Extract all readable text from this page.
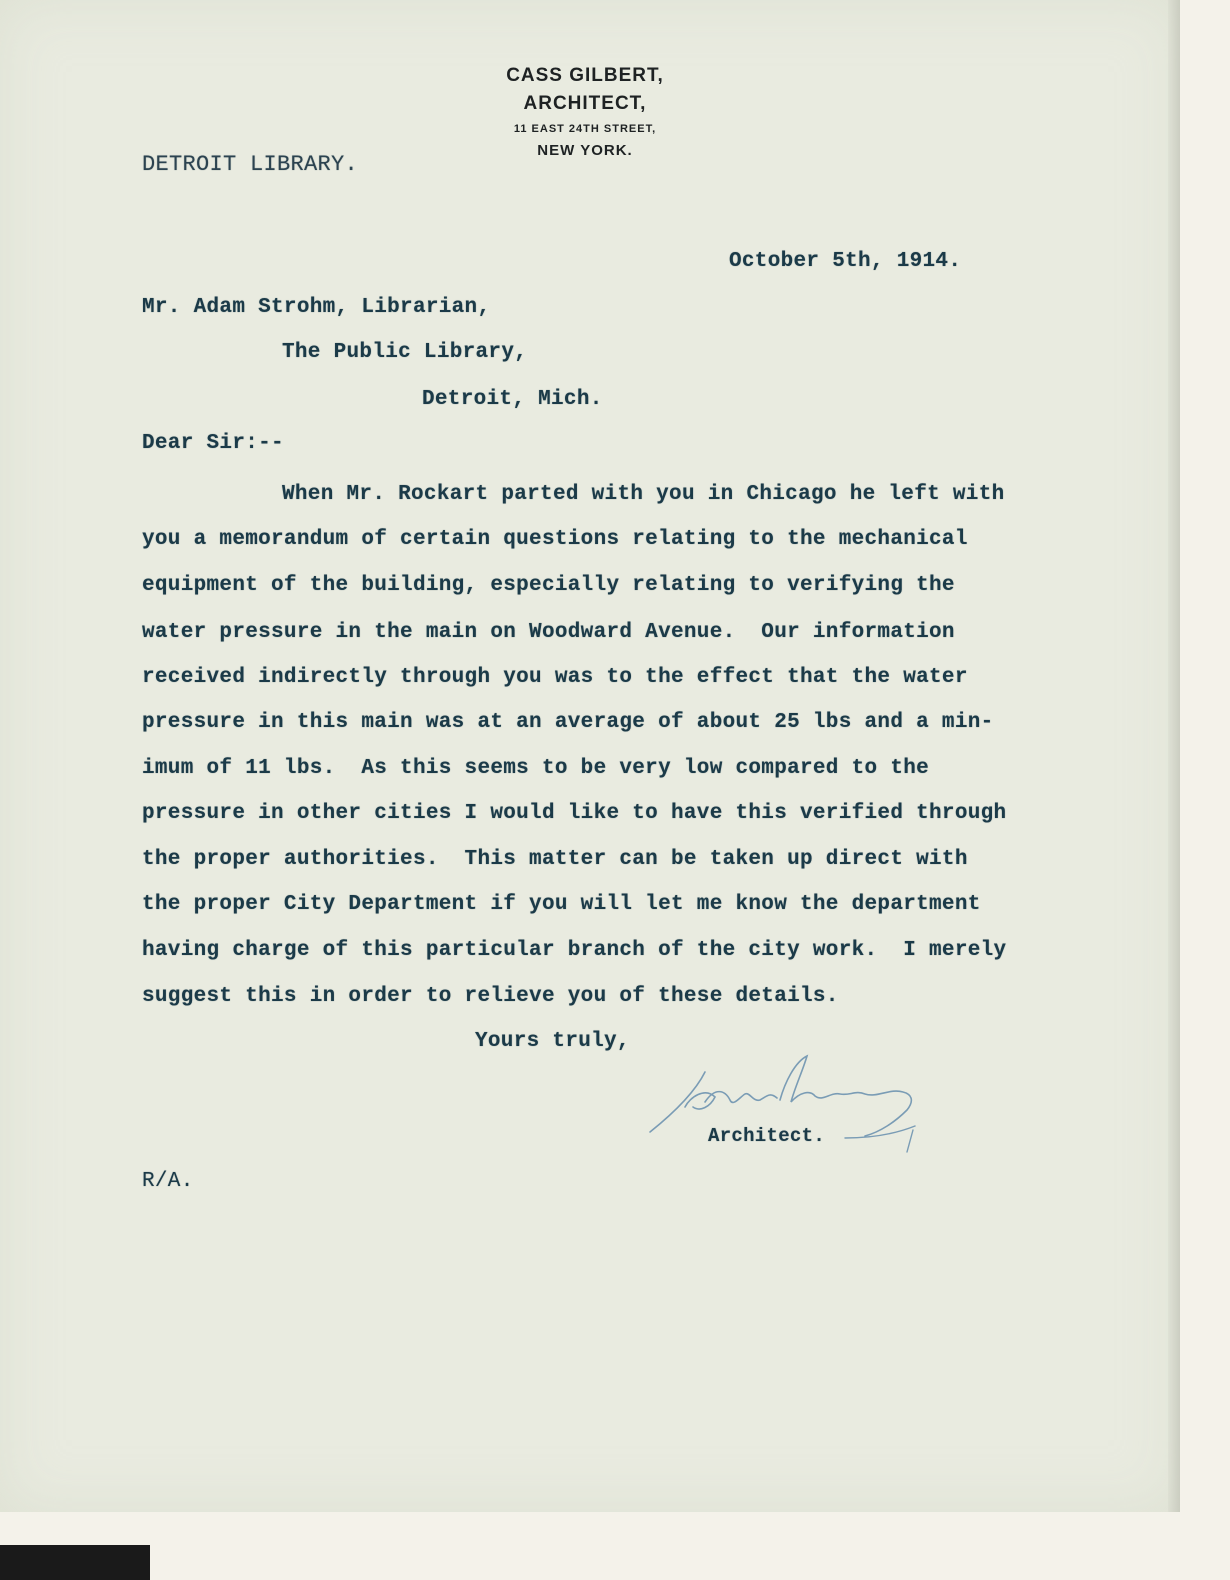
CASS GILBERT,
ARCHITECT,
11 EAST 24TH STREET,
NEW YORK.
DETROIT LIBRARY.
October 5th, 1914.
Mr. Adam Strohm, Librarian,
The Public Library,
Detroit, Mich.
Dear Sir:--
When Mr. Rockart parted with you in Chicago he left with
you a memorandum of certain questions relating to the mechanical
equipment of the building, especially relating to verifying the
water pressure in the main on Woodward Avenue.  Our information
received indirectly through you was to the effect that the water
pressure in this main was at an average of about 25 lbs and a min-
imum of 11 lbs.  As this seems to be very low compared to the
pressure in other cities I would like to have this verified through
the proper authorities.  This matter can be taken up direct with
the proper City Department if you will let me know the department
having charge of this particular branch of the city work.  I merely
suggest this in order to relieve you of these details.
Yours truly,
Architect.
R/A.
